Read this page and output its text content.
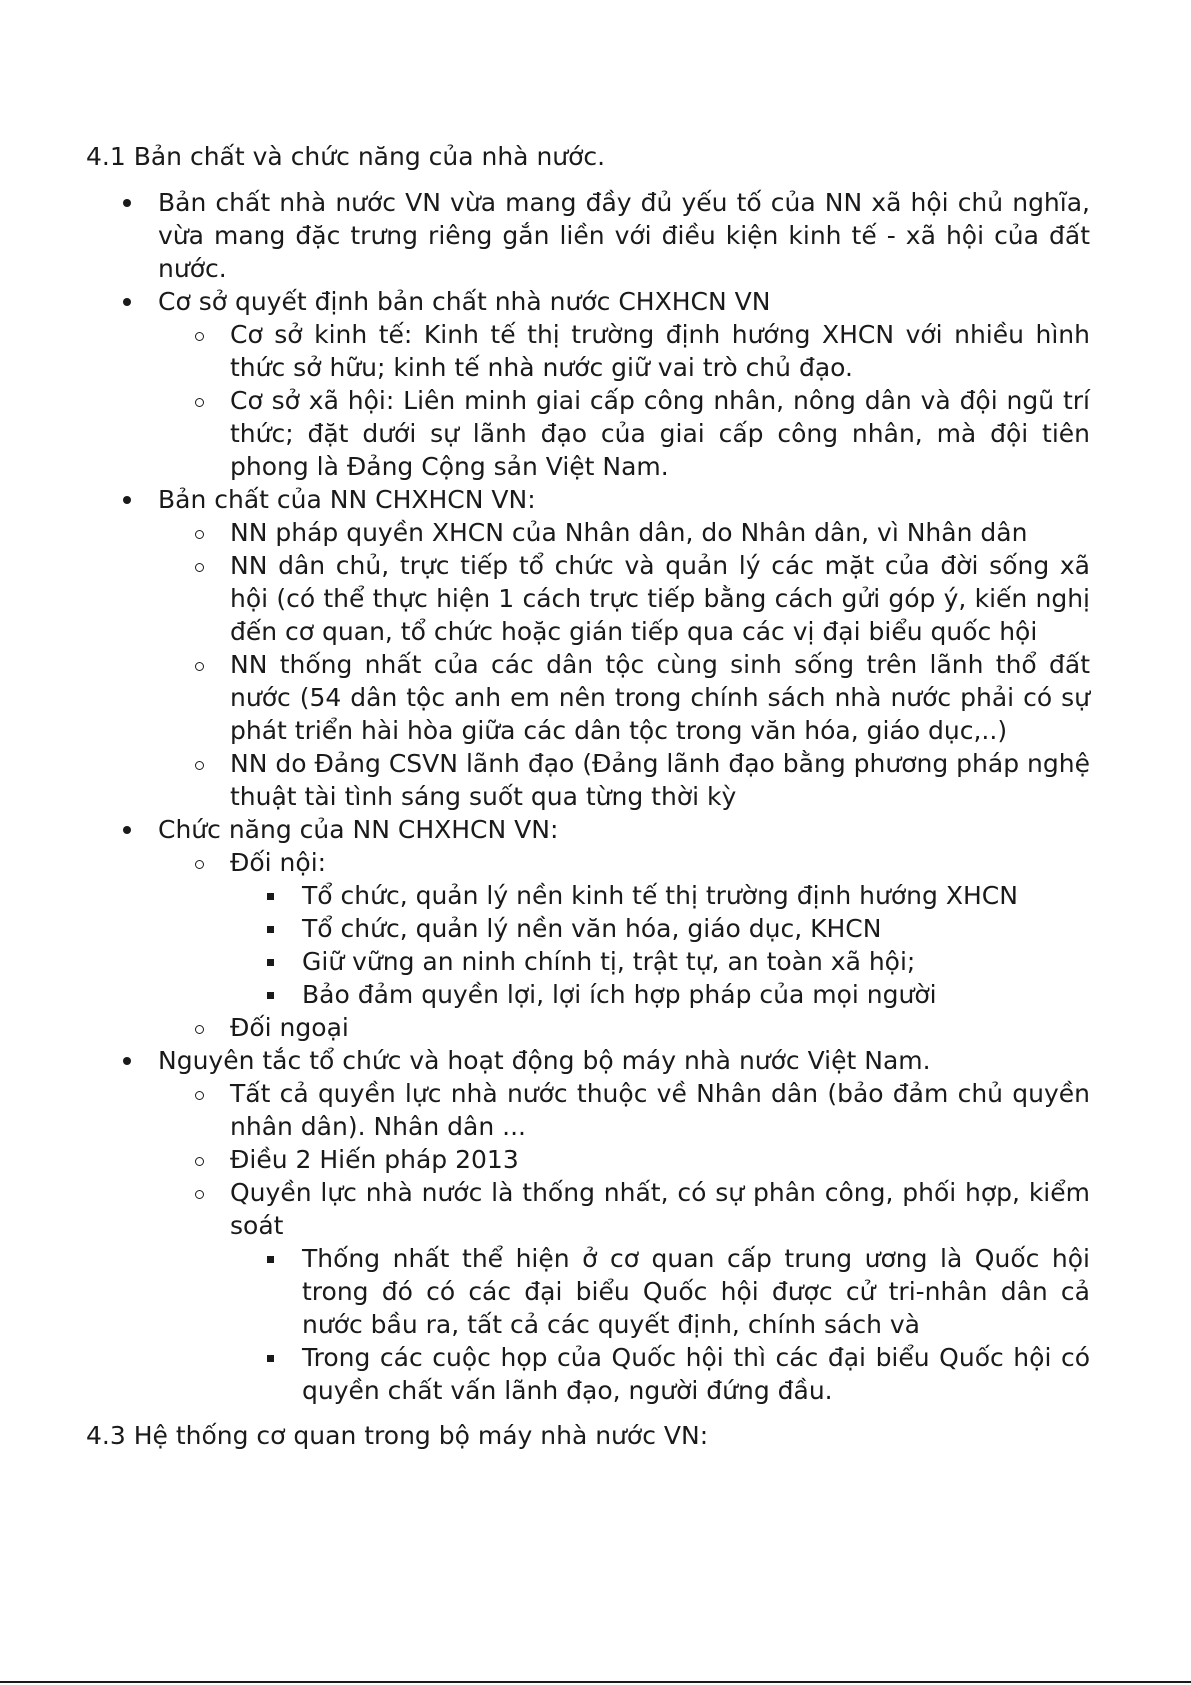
4.1 Bản chất và chức năng của nhà nước.

Bản chất nhà nước VN vừa mang đầy đủ yếu tố của NN xã hội chủ nghĩa, vừa mang đặc trưng riêng gắn liền với điều kiện kinh tế - xã hội của đất nước.
Cơ sở quyết định bản chất nhà nước CHXHCN VN
Cơ sở kinh tế: Kinh tế thị trường định hướng XHCN với nhiều hình thức sở hữu; kinh tế nhà nước giữ vai trò chủ đạo.
Cơ sở xã hội: Liên minh giai cấp công nhân, nông dân và đội ngũ trí thức; đặt dưới sự lãnh đạo của giai cấp công nhân, mà đội tiên phong là Đảng Cộng sản Việt Nam.
Bản chất của NN CHXHCN VN:
NN pháp quyền XHCN của Nhân dân, do Nhân dân, vì Nhân dân
NN dân chủ, trực tiếp tổ chức và quản lý các mặt của đời sống xã hội (có thể thực hiện 1 cách trực tiếp bằng cách gửi góp ý, kiến nghị đến cơ quan, tổ chức hoặc gián tiếp qua các vị đại biểu quốc hội
NN thống nhất của các dân tộc cùng sinh sống trên lãnh thổ đất nước (54 dân tộc anh em nên trong chính sách nhà nước phải có sự phát triển hài hòa giữa các dân tộc trong văn hóa, giáo dục,..)
NN do Đảng CSVN lãnh đạo (Đảng lãnh đạo bằng phương pháp nghệ thuật tài tình sáng suốt qua từng thời kỳ
Chức năng của NN CHXHCN VN:
Đối nội:
Tổ chức, quản lý nền kinh tế thị trường định hướng XHCN
Tổ chức, quản lý nền văn hóa, giáo dục, KHCN
Giữ vững an ninh chính tị, trật tự, an toàn xã hội;
Bảo đảm quyền lợi, lợi ích hợp pháp của mọi người
Đối ngoại
Nguyên tắc tổ chức và hoạt động bộ máy nhà nước Việt Nam.
Tất cả quyền lực nhà nước thuộc về Nhân dân (bảo đảm chủ quyền nhân dân). Nhân dân ...
Điều 2 Hiến pháp 2013
Quyền lực nhà nước là thống nhất, có sự phân công, phối hợp, kiểm soát
Thống nhất thể hiện ở cơ quan cấp trung ương là Quốc hội trong đó có các đại biểu Quốc hội được cử tri-nhân dân cả nước bầu ra, tất cả các quyết định, chính sách và
Trong các cuộc họp của Quốc hội thì các đại biểu Quốc hội có quyền chất vấn lãnh đạo, người đứng đầu.

4.3 Hệ thống cơ quan trong bộ máy nhà nước VN:
